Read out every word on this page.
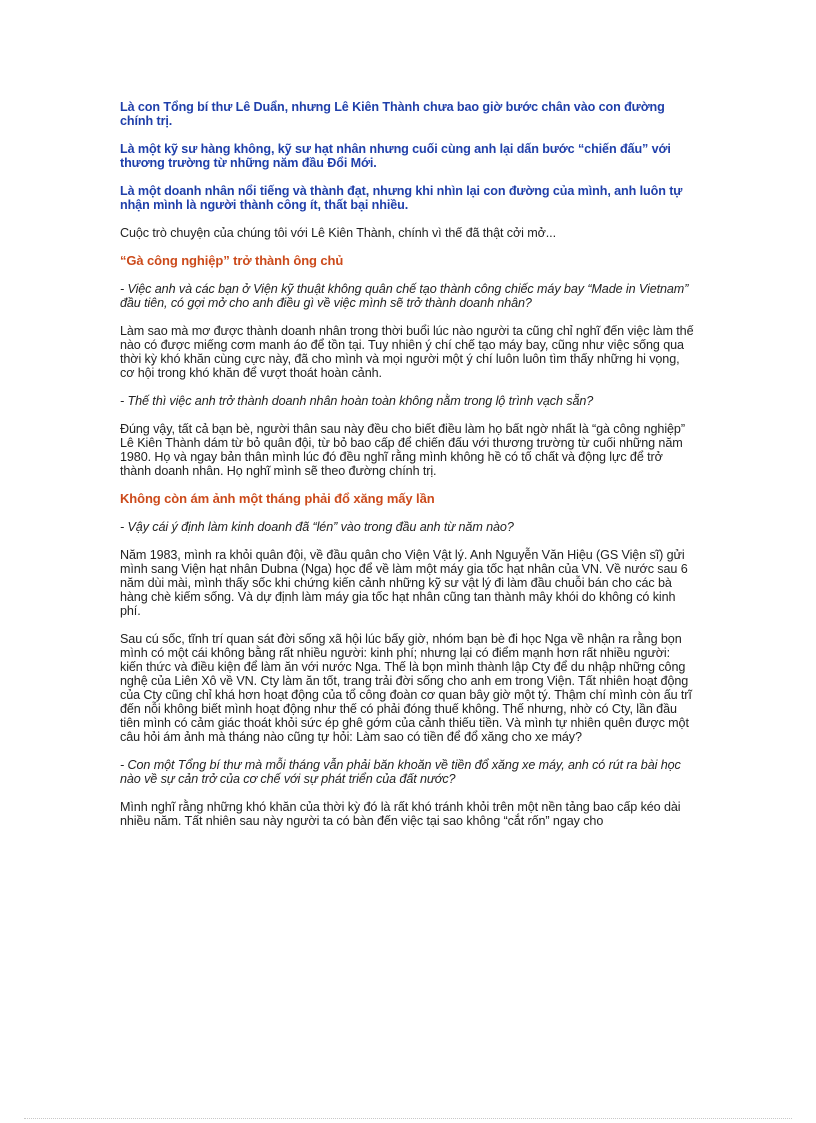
Là con Tổng bí thư Lê Duẩn, nhưng Lê Kiên Thành chưa bao giờ bước chân vào con đường chính trị.

Là một kỹ sư hàng không, kỹ sư hạt nhân nhưng cuối cùng anh lại dấn bước “chiến đấu” với thương trường từ những năm đầu Đổi Mới.

Là một doanh nhân nổi tiếng và thành đạt, nhưng khi nhìn lại con đường của mình, anh luôn tự nhận mình là người thành công ít, thất bại nhiều.

Cuộc trò chuyện của chúng tôi với Lê Kiên Thành, chính vì thế đã thật cởi mở...

“Gà công nghiệp” trở thành ông chủ

- Việc anh và các bạn ở Viện kỹ thuật không quân chế tạo thành công chiếc máy bay “Made in Vietnam” đầu tiên, có gợi mở cho anh điều gì về việc mình sẽ trở thành doanh nhân?

Làm sao mà mơ được thành doanh nhân trong thời buổi lúc nào người ta cũng chỉ nghĩ đến việc làm thế nào có được miếng cơm manh áo để tồn tại. Tuy nhiên ý chí chế tạo máy bay, cũng như việc sống qua thời kỳ khó khăn cùng cực này, đã cho mình và mọi người một ý chí luôn luôn tìm thấy những hi vọng, cơ hội trong khó khăn để vượt thoát hoàn cảnh.

- Thế thì việc anh trở thành doanh nhân hoàn toàn không nằm trong lộ trình vạch sẵn?

Đúng vậy, tất cả bạn bè, người thân sau này đều cho biết điều làm họ bất ngờ nhất là “gà công nghiệp” Lê Kiên Thành dám từ bỏ quân đội, từ bỏ bao cấp để chiến đấu với thương trường từ cuối những năm 1980. Họ và ngay bản thân mình lúc đó đều nghĩ rằng mình không hề có tố chất và động lực để trở thành doanh nhân. Họ nghĩ mình sẽ theo đường chính trị.

Không còn ám ảnh một tháng phải đổ xăng mấy lần

- Vậy cái ý định làm kinh doanh đã “lén” vào trong đầu anh từ năm nào?

Năm 1983, mình ra khỏi quân đội, về đầu quân cho Viện Vật lý. Anh Nguyễn Văn Hiệu (GS Viện sĩ) gửi mình sang Viện hạt nhân Dubna (Nga) học để về làm một máy gia tốc hạt nhân của VN. Về nước sau 6 năm dùi mài, mình thấy sốc khi chứng kiến cảnh những kỹ sư vật lý đi làm đầu chuỗi bán cho các bà hàng chè kiếm sống. Và dự định làm máy gia tốc hạt nhân cũng tan thành mây khói do không có kinh phí.

Sau cú sốc, tĩnh trí quan sát đời sống xã hội lúc bấy giờ, nhóm bạn bè đi học Nga về nhận ra rằng bọn mình có một cái không bằng rất nhiều người: kinh phí; nhưng lại có điểm mạnh hơn rất nhiều người: kiến thức và điều kiện để làm ăn với nước Nga. Thế là bọn mình thành lập Cty để du nhập những công nghệ của Liên Xô về VN. Cty làm ăn tốt, trang trải đời sống cho anh em trong Viện. Tất nhiên hoạt động của Cty cũng chỉ khá hơn hoạt động của tổ công đoàn cơ quan bây giờ một tý. Thậm chí mình còn ấu trĩ đến nỗi không biết mình hoạt động như thế có phải đóng thuế không. Thế nhưng, nhờ có Cty, lần đầu tiên mình có cảm giác thoát khỏi sức ép ghê gớm của cảnh thiếu tiền. Và mình tự nhiên quên được một câu hỏi ám ảnh mà tháng nào cũng tự hỏi: Làm sao có tiền để đổ xăng cho xe máy?

- Con một Tổng bí thư mà mỗi tháng vẫn phải băn khoăn về tiền đổ xăng xe máy, anh có rút ra bài học nào về sự cản trở của cơ chế với sự phát triển của đất nước?

Mình nghĩ rằng những khó khăn của thời kỳ đó là rất khó tránh khỏi trên một nền tảng bao cấp kéo dài nhiều năm. Tất nhiên sau này người ta có bàn đến việc tại sao không “cắt rốn” ngay cho
